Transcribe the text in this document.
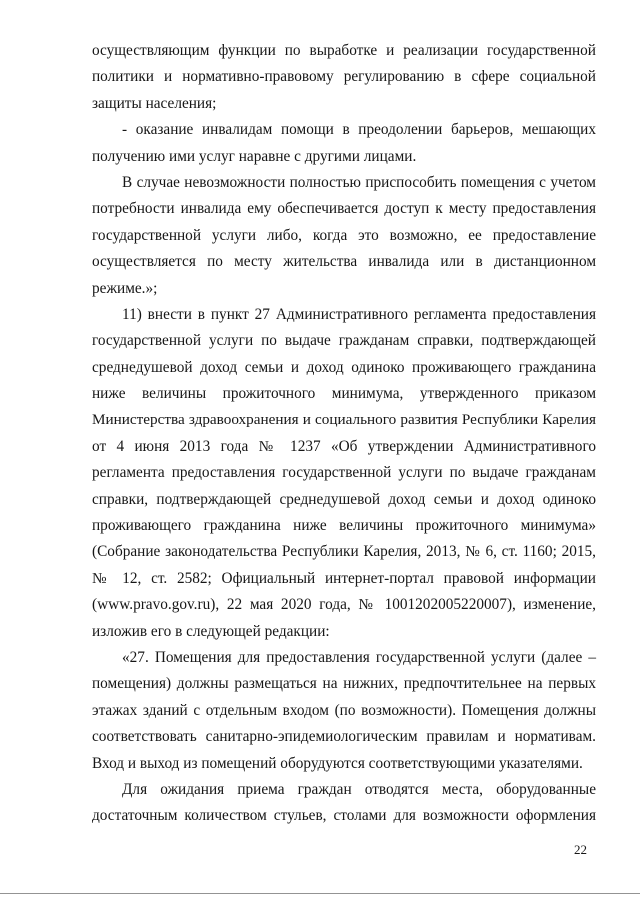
осуществляющим функции по выработке и реализации государственной
политики и нормативно-правовому регулированию в сфере социальной
защиты населения;

- оказание инвалидам помощи в преодолении барьеров, мешающих
получению ими услуг наравне с другими лицами.

В случае невозможности полностью приспособить помещения с учетом
потребности инвалида ему обеспечивается доступ к месту предоставления
государственной услуги либо, когда это возможно, ее предоставление
осуществляется по месту жительства инвалида или в дистанционном
режиме.»;

11) внести в пункт 27 Административного регламента предоставления
государственной услуги по выдаче гражданам справки, подтверждающей
среднедушевой доход семьи и доход одиноко проживающего гражданина
ниже величины прожиточного минимума, утвержденного приказом
Министерства здравоохранения и социального развития Республики Карелия
от 4 июня 2013 года № 1237 «Об утверждении Административного
регламента предоставления государственной услуги по выдаче гражданам
справки, подтверждающей среднедушевой доход семьи и доход одиноко
проживающего гражданина ниже величины прожиточного минимума»
(Собрание законодательства Республики Карелия, 2013, № 6, ст. 1160; 2015,
№ 12, ст. 2582; Официальный интернет-портал правовой информации
(www.pravo.gov.ru), 22 мая 2020 года, № 1001202005220007), изменение,
изложив его в следующей редакции:

«27. Помещения для предоставления государственной услуги (далее –
помещения) должны размещаться на нижних, предпочтительнее на первых
этажах зданий с отдельным входом (по возможности). Помещения должны
соответствовать санитарно-эпидемиологическим правилам и нормативам.
Вход и выход из помещений оборудуются соответствующими указателями.

Для ожидания приема граждан отводятся места, оборудованные
достаточным количеством стульев, столами для возможности оформления

22
